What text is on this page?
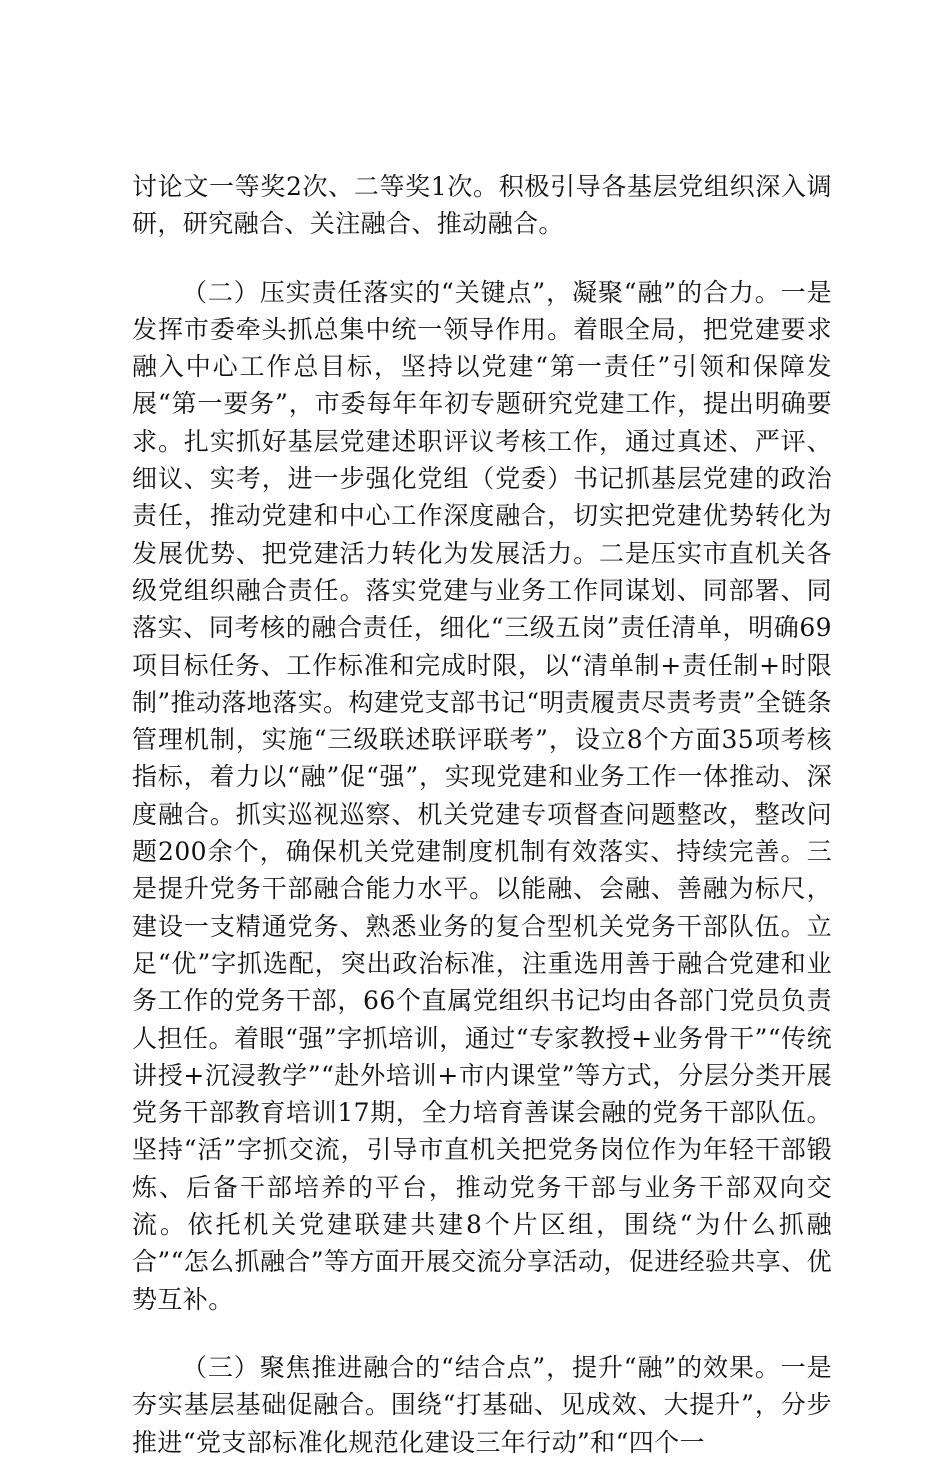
讨论文一等奖2次、二等奖1次。积极引导各基层党组织深入调研，研究融合、关注融合、推动融合。

（二）压实责任落实的“关键点”，凝聚“融”的合力。一是发挥市委牵头抓总集中统一领导作用。着眼全局，把党建要求融入中心工作总目标，坚持以党建“第一责任”引领和保障发展“第一要务”，市委每年年初专题研究党建工作，提出明确要求。扎实抓好基层党建述职评议考核工作，通过真述、严评、细议、实考，进一步强化党组（党委）书记抓基层党建的政治责任，推动党建和中心工作深度融合，切实把党建优势转化为发展优势、把党建活力转化为发展活力。二是压实市直机关各级党组织融合责任。落实党建与业务工作同谋划、同部署、同落实、同考核的融合责任，细化“三级五岗”责任清单，明确69项目标任务、工作标准和完成时限，以“清单制+责任制+时限制”推动落地落实。构建党支部书记“明责履责尽责考责”全链条管理机制，实施“三级联述联评联考”，设立8个方面35项考核指标，着力以“融”促“强”，实现党建和业务工作一体推动、深度融合。抓实巡视巡察、机关党建专项督查问题整改，整改问题200余个，确保机关党建制度机制有效落实、持续完善。三是提升党务干部融合能力水平。以能融、会融、善融为标尺，建设一支精通党务、熟悉业务的复合型机关党务干部队伍。立足“优”字抓选配，突出政治标准，注重选用善于融合党建和业务工作的党务干部，66个直属党组织书记均由各部门党员负责人担任。着眼“强”字抓培训，通过“专家教授+业务骨干”“传统讲授+沉浸教学”“赴外培训+市内课堂”等方式，分层分类开展党务干部教育培训17期，全力培育善谋会融的党务干部队伍。坚持“活”字抓交流，引导市直机关把党务岗位作为年轻干部锻炼、后备干部培养的平台，推动党务干部与业务干部双向交流。依托机关党建联建共建8个片区组，围绕“为什么抓融合”“怎么抓融合”等方面开展交流分享活动，促进经验共享、优势互补。

（三）聚焦推进融合的“结合点”，提升“融”的效果。一是夯实基层基础促融合。围绕“打基础、见成效、大提升”，分步推进“党支部标准化规范化建设三年行动”和“四个一
